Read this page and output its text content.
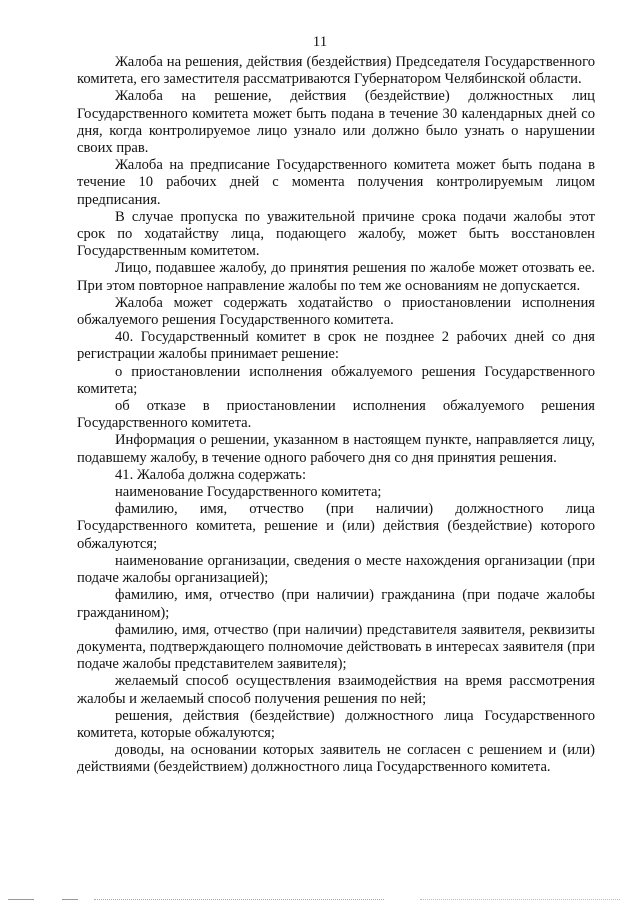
11

Жалоба на решения, действия (бездействия) Председателя Государственного комитета, его заместителя рассматриваются Губернатором Челябинской области.

Жалоба на решение, действия (бездействие) должностных лиц Государственного комитета может быть подана в течение 30 календарных дней со дня, когда контролируемое лицо узнало или должно было узнать о нарушении своих прав.

Жалоба на предписание Государственного комитета может быть подана в течение 10 рабочих дней с момента получения контролируемым лицом предписания.

В случае пропуска по уважительной причине срока подачи жалобы этот срок по ходатайству лица, подающего жалобу, может быть восстановлен Государственным комитетом.

Лицо, подавшее жалобу, до принятия решения по жалобе может отозвать ее. При этом повторное направление жалобы по тем же основаниям не допускается.

Жалоба может содержать ходатайство о приостановлении исполнения обжалуемого решения Государственного комитета.

40. Государственный комитет в срок не позднее 2 рабочих дней со дня регистрации жалобы принимает решение:

о приостановлении исполнения обжалуемого решения Государственного комитета;

об отказе в приостановлении исполнения обжалуемого решения Государственного комитета.

Информация о решении, указанном в настоящем пункте, направляется лицу, подавшему жалобу, в течение одного рабочего дня со дня принятия решения.

41. Жалоба должна содержать:

наименование Государственного комитета;

фамилию, имя, отчество (при наличии) должностного лица Государственного комитета, решение и (или) действия (бездействие) которого обжалуются;

наименование организации, сведения о месте нахождения организации (при подаче жалобы организацией);

фамилию, имя, отчество (при наличии) гражданина (при подаче жалобы гражданином);

фамилию, имя, отчество (при наличии) представителя заявителя, реквизиты документа, подтверждающего полномочие действовать в интересах заявителя (при подаче жалобы представителем заявителя);

желаемый способ осуществления взаимодействия на время рассмотрения жалобы и желаемый способ получения решения по ней;

решения, действия (бездействие) должностного лица Государственного комитета, которые обжалуются;

доводы, на основании которых заявитель не согласен с решением и (или) действиями (бездействием) должностного лица Государственного комитета.
